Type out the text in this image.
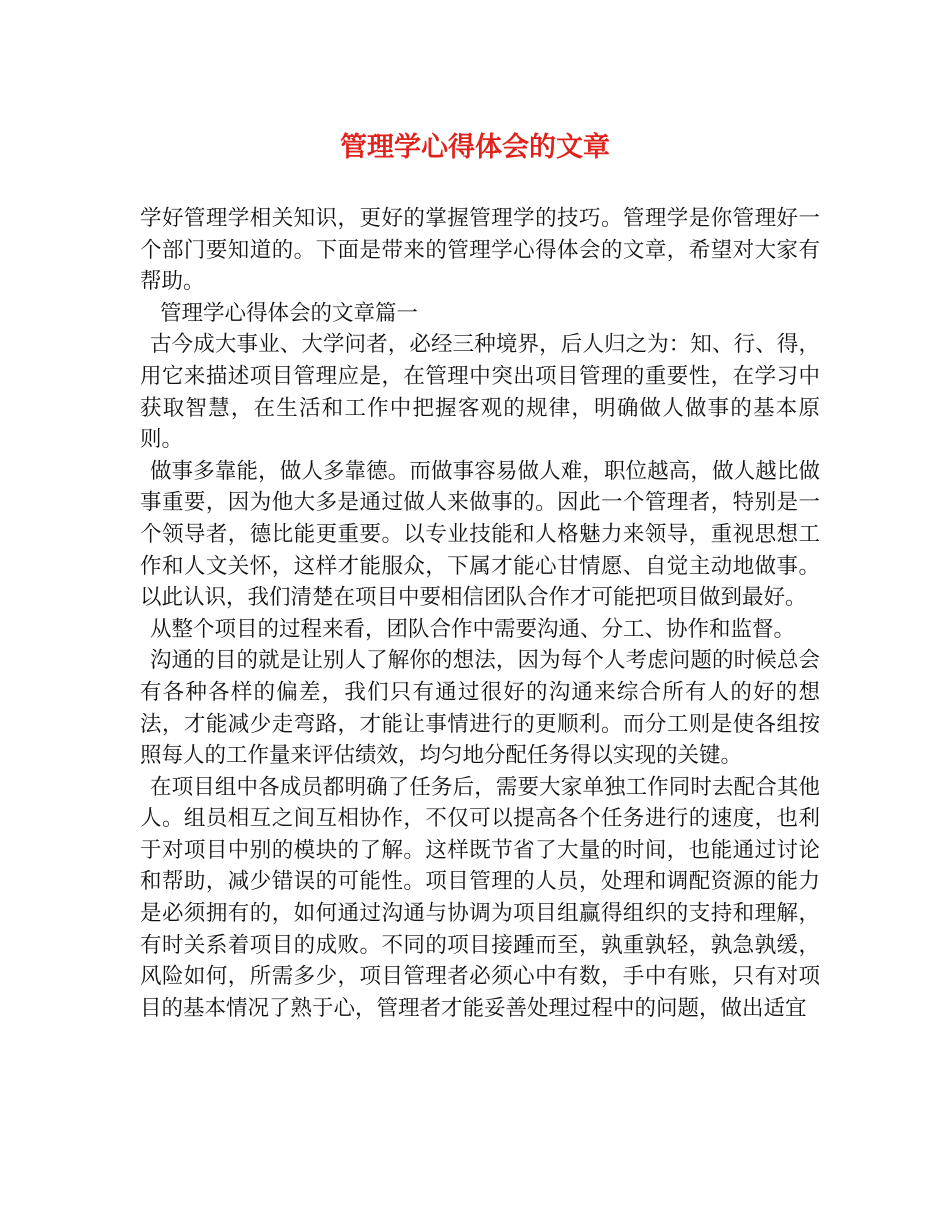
管理学心得体会的文章

学好管理学相关知识，更好的掌握管理学的技巧。管理学是你管理好一个部门要知道的。下面是带来的管理学心得体会的文章，希望对大家有帮助。

管理学心得体会的文章篇一

古今成大事业、大学问者，必经三种境界，后人归之为：知、行、得，用它来描述项目管理应是，在管理中突出项目管理的重要性，在学习中获取智慧，在生活和工作中把握客观的规律，明确做人做事的基本原则。

做事多靠能，做人多靠德。而做事容易做人难，职位越高，做人越比做事重要，因为他大多是通过做人来做事的。因此一个管理者，特别是一个领导者，德比能更重要。以专业技能和人格魅力来领导，重视思想工作和人文关怀，这样才能服众，下属才能心甘情愿、自觉主动地做事。以此认识，我们清楚在项目中要相信团队合作才可能把项目做到最好。

从整个项目的过程来看，团队合作中需要沟通、分工、协作和监督。

沟通的目的就是让别人了解你的想法，因为每个人考虑问题的时候总会有各种各样的偏差，我们只有通过很好的沟通来综合所有人的好的想法，才能减少走弯路，才能让事情进行的更顺利。而分工则是使各组按照每人的工作量来评估绩效，均匀地分配任务得以实现的关键。

在项目组中各成员都明确了任务后，需要大家单独工作同时去配合其他人。组员相互之间互相协作，不仅可以提高各个任务进行的速度，也利于对项目中别的模块的了解。这样既节省了大量的时间，也能通过讨论和帮助，减少错误的可能性。项目管理的人员，处理和调配资源的能力是必须拥有的，如何通过沟通与协调为项目组赢得组织的支持和理解，有时关系着项目的成败。不同的项目接踵而至，孰重孰轻，孰急孰缓，风险如何，所需多少，项目管理者必须心中有数，手中有账，只有对项目的基本情况了熟于心，管理者才能妥善处理过程中的问题，做出适宜
